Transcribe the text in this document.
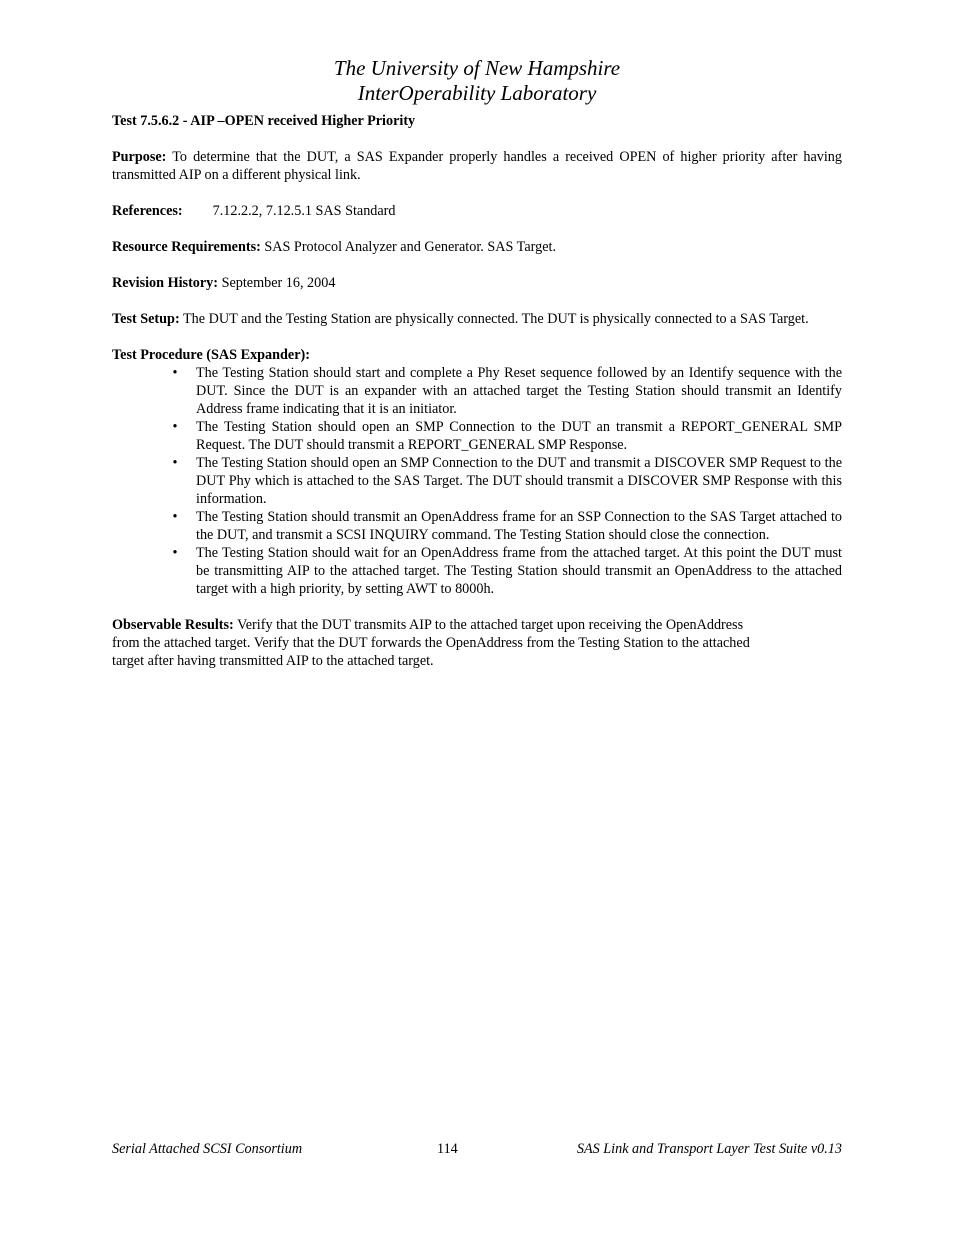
The University of New Hampshire
InterOperability Laboratory
Test 7.5.6.2 - AIP –OPEN received Higher Priority
Purpose: To determine that the DUT, a SAS Expander properly handles a received OPEN of higher priority after having transmitted AIP on a different physical link.
References: 7.12.2.2, 7.12.5.1 SAS Standard
Resource Requirements: SAS Protocol Analyzer and Generator. SAS Target.
Revision History: September 16, 2004
Test Setup: The DUT and the Testing Station are physically connected. The DUT is physically connected to a SAS Target.
Test Procedure (SAS Expander):
• The Testing Station should start and complete a Phy Reset sequence followed by an Identify sequence with the DUT. Since the DUT is an expander with an attached target the Testing Station should transmit an Identify Address frame indicating that it is an initiator.
• The Testing Station should open an SMP Connection to the DUT an transmit a REPORT_GENERAL SMP Request. The DUT should transmit a REPORT_GENERAL SMP Response.
• The Testing Station should open an SMP Connection to the DUT and transmit a DISCOVER SMP Request to the DUT Phy which is attached to the SAS Target. The DUT should transmit a DISCOVER SMP Response with this information.
• The Testing Station should transmit an OpenAddress frame for an SSP Connection to the SAS Target attached to the DUT, and transmit a SCSI INQUIRY command. The Testing Station should close the connection.
• The Testing Station should wait for an OpenAddress frame from the attached target. At this point the DUT must be transmitting AIP to the attached target. The Testing Station should transmit an OpenAddress to the attached target with a high priority, by setting AWT to 8000h.
Observable Results: Verify that the DUT transmits AIP to the attached target upon receiving the OpenAddress
from the attached target. Verify that the DUT forwards the OpenAddress from the Testing Station to the attached
target after having transmitted AIP to the attached target.
Serial Attached SCSI Consortium	114	SAS Link and Transport Layer Test Suite v0.13
